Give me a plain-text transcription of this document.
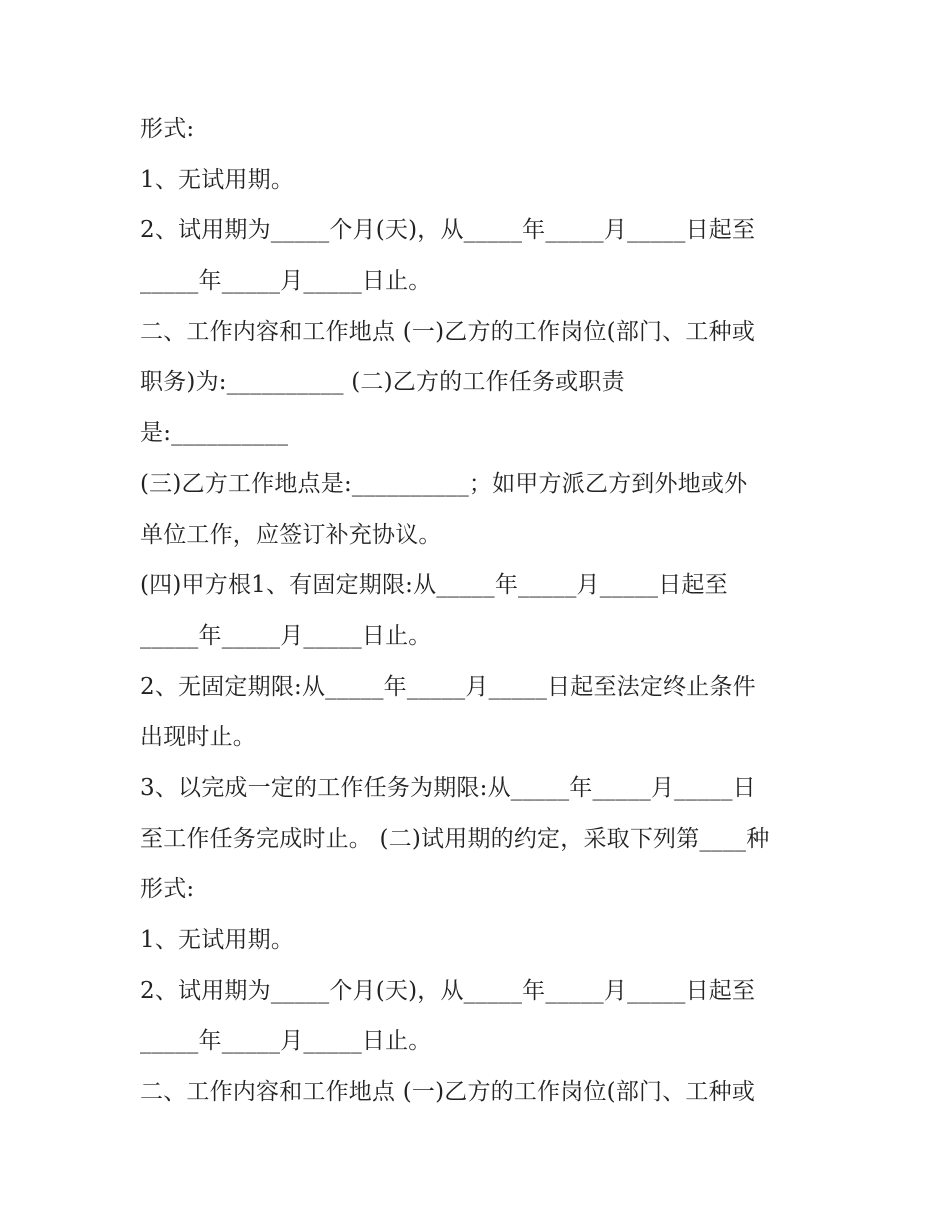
形式:
1、无试用期。
2、试用期为_____个月(天)，从_____年_____月_____日起至
_____年_____月_____日止。
二、工作内容和工作地点 (一)乙方的工作岗位(部门、工种或
职务)为:__________ (二)乙方的工作任务或职责
是:__________
(三)乙方工作地点是:__________；如甲方派乙方到外地或外
单位工作，应签订补充协议。
(四)甲方根1、有固定期限:从_____年_____月_____日起至
_____年_____月_____日止。
2、无固定期限:从_____年_____月_____日起至法定终止条件
出现时止。
3、以完成一定的工作任务为期限:从_____年_____月_____日
至工作任务完成时止。 (二)试用期的约定，采取下列第____种
形式:
1、无试用期。
2、试用期为_____个月(天)，从_____年_____月_____日起至
_____年_____月_____日止。
二、工作内容和工作地点 (一)乙方的工作岗位(部门、工种或
